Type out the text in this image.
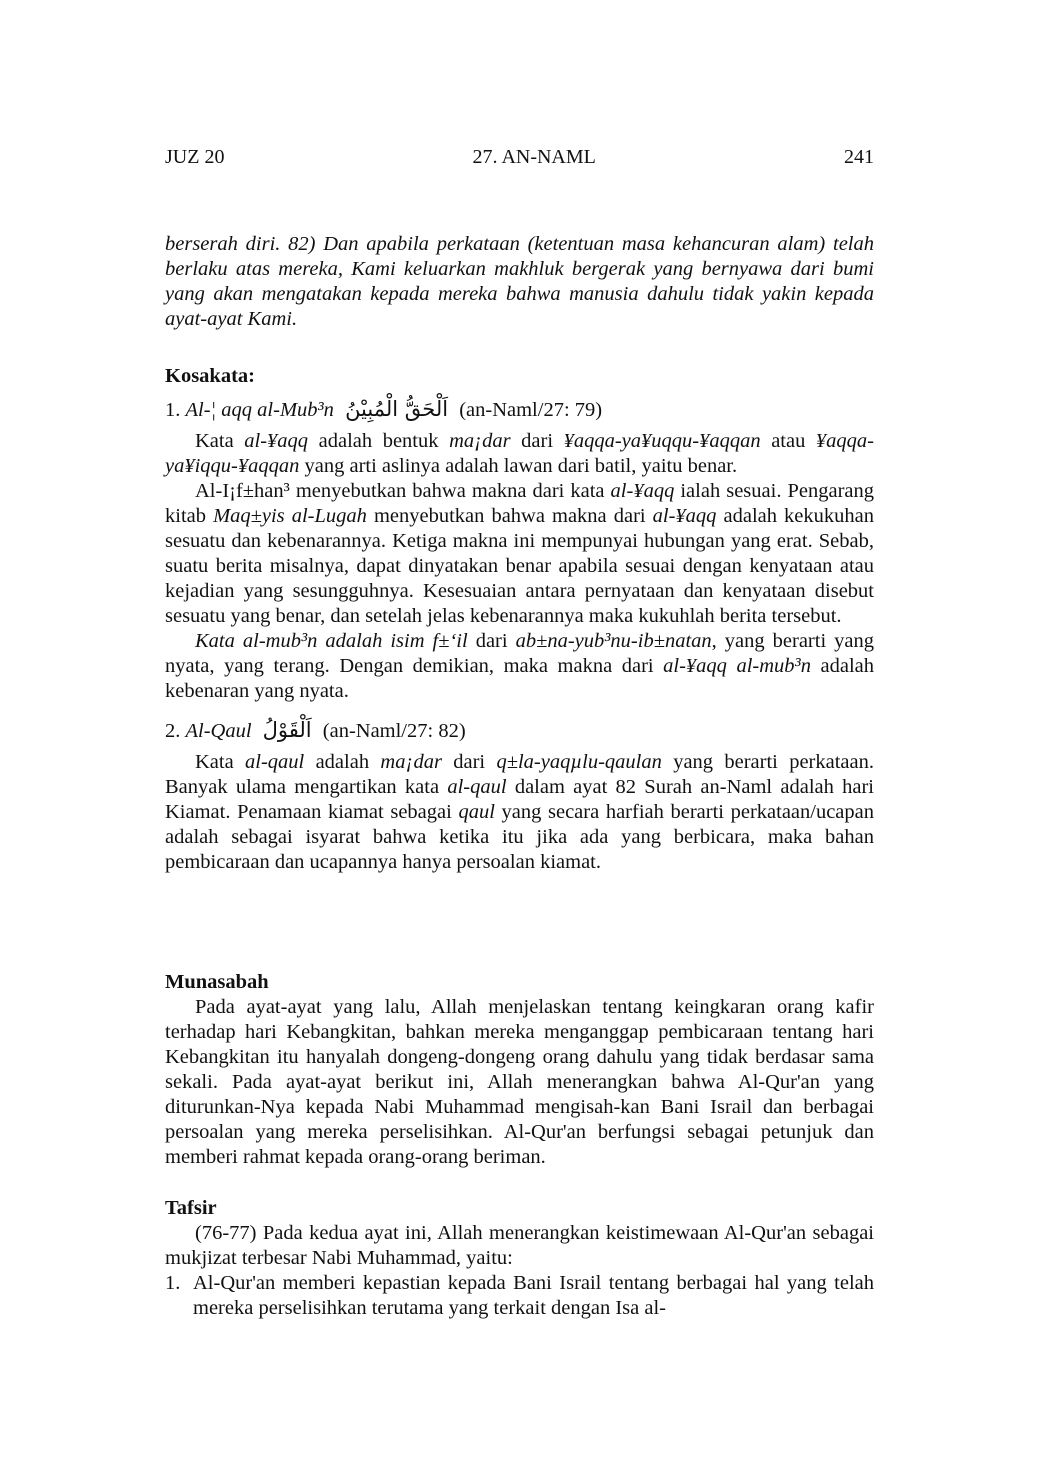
JUZ 20	27. AN-NAML	241

berserah diri. 82) Dan apabila perkataan (ketentuan masa kehancuran alam) telah berlaku atas mereka, Kami keluarkan makhluk bergerak yang bernyawa dari bumi yang akan mengatakan kepada mereka bahwa manusia dahulu tidak yakin kepada ayat-ayat Kami.

Kosakata:
1. Al-¦ aqq al-Mub³n اَلْحَقُّ الْمُبِيْنُ (an-Naml/27: 79)

Kata al-¥aqq adalah bentuk ma¡dar dari ¥aqqa-ya¥uqqu-¥aqqan atau ¥aqqa-ya¥iqqu-¥aqqan yang arti aslinya adalah lawan dari batil, yaitu benar.

Al-I¡f±han³ menyebutkan bahwa makna dari kata al-¥aqq ialah sesuai. Pengarang kitab Maq±yis al-Lugah menyebutkan bahwa makna dari al-¥aqq adalah kekukuhan sesuatu dan kebenarannya. Ketiga makna ini mempunyai hubungan yang erat. Sebab, suatu berita misalnya, dapat dinyatakan benar apabila sesuai dengan kenyataan atau kejadian yang sesungguhnya. Kesesuaian antara pernyataan dan kenyataan disebut sesuatu yang benar, dan setelah jelas kebenarannya maka kukuhlah berita tersebut.

Kata al-mub³n adalah isim f±‘il dari ab±na-yub³nu-ib±natan, yang berarti yang nyata, yang terang. Dengan demikian, maka makna dari al-¥aqq al-mub³n adalah kebenaran yang nyata.

2. Al-Qaul اَلْقَوْلُ (an-Naml/27: 82)

Kata al-qaul adalah ma¡dar dari q±la-yaqµlu-qaulan yang berarti perkataan. Banyak ulama mengartikan kata al-qaul dalam ayat 82 Surah an-Naml adalah hari Kiamat. Penamaan kiamat sebagai qaul yang secara harfiah berarti perkataan/ucapan adalah sebagai isyarat bahwa ketika itu jika ada yang berbicara, maka bahan pembicaraan dan ucapannya hanya persoalan kiamat.

Munasabah

Pada ayat-ayat yang lalu, Allah menjelaskan tentang keingkaran orang kafir terhadap hari Kebangkitan, bahkan mereka menganggap pembicaraan tentang hari Kebangkitan itu hanyalah dongeng-dongeng orang dahulu yang tidak berdasar sama sekali. Pada ayat-ayat berikut ini, Allah menerangkan bahwa Al-Qur'an yang diturunkan-Nya kepada Nabi Muhammad mengisah-kan Bani Israil dan berbagai persoalan yang mereka perselisihkan. Al-Qur'an berfungsi sebagai petunjuk dan memberi rahmat kepada orang-orang beriman.

Tafsir

(76-77) Pada kedua ayat ini, Allah menerangkan keistimewaan Al-Qur'an sebagai mukjizat terbesar Nabi Muhammad, yaitu:

1. Al-Qur'an memberi kepastian kepada Bani Israil tentang berbagai hal yang telah mereka perselisihkan terutama yang terkait dengan Isa al-
